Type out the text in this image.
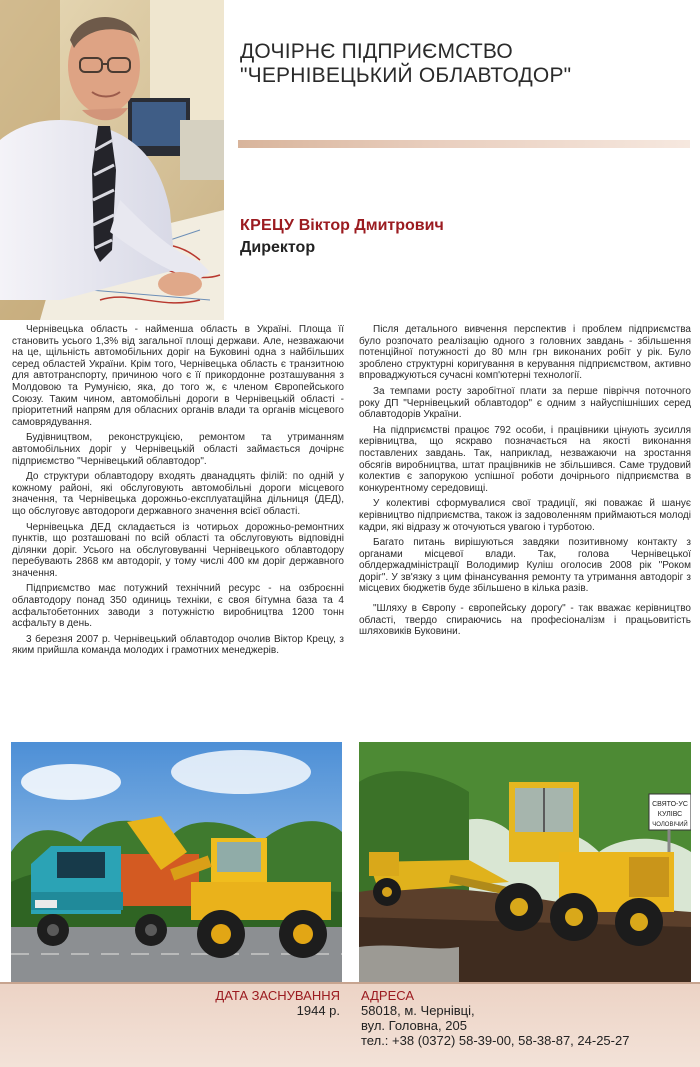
ДОЧІРНЄ ПІДПРИЄМСТВО
"ЧЕРНІВЕЦЬКИЙ ОБЛАВТОДОР"
КРЕЦУ Віктор Дмитрович
Директор

Чернівецька область - найменша область в Україні. Площа її становить усього 1,3% від загальної площі держави. Але, незважаючи на це, щільність автомобільних доріг на Буковині одна з найбільших серед областей України. Крім того, Чернівецька область є транзитною для автотранспорту, причиною чого є її прикордонне розташування з Молдовою та Румунією, яка, до того ж, є членом Європейського Союзу. Таким чином, автомобільні дороги в Чернівецькій області - пріоритетний напрям для обласних органів влади та органів місцевого самоврядування.

Будівництвом, реконструкцією, ремонтом та утриманням автомобільних доріг у Чернівецькій області займається дочірнє підприємство "Чернівецький облавтодор".

До структури облавтодору входять дванадцять філій: по одній у кожному районі, які обслуговують автомобільні дороги місцевого значення, та Чернівецька дорожньо-експлуатаційна дільниця (ДЕД), що обслуговує автодороги державного значення всієї області.

Чернівецька ДЕД складається із чотирьох дорожньо-ремонтних пунктів, що розташовані по всій області та обслуговують відповідні ділянки доріг. Усього на обслуговуванні Чернівецького облавтодору перебувають 2868 км автодоріг, у тому числі 400 км доріг державного значення.

Підприємство має потужний технічний ресурс - на озброєнні облавтодору понад 350 одиниць техніки, є своя бітумна база та 4 асфальтобетонних заводи з потужністю виробництва 1200 тонн асфальту в день.

3 березня 2007 р. Чернівецький облавтодор очолив Віктор Крецу, з яким прийшла команда молодих і грамотних менеджерів.

Після детального вивчення перспектив і проблем підприємства було розпочато реалізацію одного з головних завдань - збільшення потенційної потужності до 80 млн грн виконаних робіт у рік. Було зроблено структурні коригування в керування підприємством, активно впроваджуються сучасні комп'ютерні технології.

За темпами росту заробітної плати за перше півріччя поточного року ДП "Чернівецький облавтодор" є одним з найуспішніших серед облавтодорів України.

На підприємстві працює 792 особи, і працівники цінують зусилля керівництва, що яскраво позначається на якості виконання поставлених завдань. Так, наприклад, незважаючи на зростання обсягів виробництва, штат працівників не збільшився. Саме трудовий колектив є запорукою успішної роботи дочірнього підприємства в конкурентному середовищі.

У колективі сформувалися свої традиції, які поважає й шанує керівництво підприємства, також із задоволенням приймаються молоді кадри, які відразу ж оточуються увагою і турботою.

Багато питань вирішуються завдяки позитивному контакту з органами місцевої влади. Так, голова Чернівецької облдержадміністрації Володимир Куліш оголосив 2008 рік "Роком доріг". У зв'язку з цим фінансування ремонту та утримання автодоріг з місцевих бюджетів буде збільшено в кілька разів.

"Шляху в Європу - європейську дорогу" - так вважає керівництво області, твердо спираючись на професіоналізм і працьовитість шляховиків Буковини.

СВЯТО-УС
КУЛІВС
ЧОЛОВІЧИЙ
ДАТА ЗАСНУВАННЯ
1944 р.
АДРЕСА
58018, м. Чернівці,
вул. Головна, 205
тел.: +38 (0372) 58-39-00, 58-38-87, 24-25-27
